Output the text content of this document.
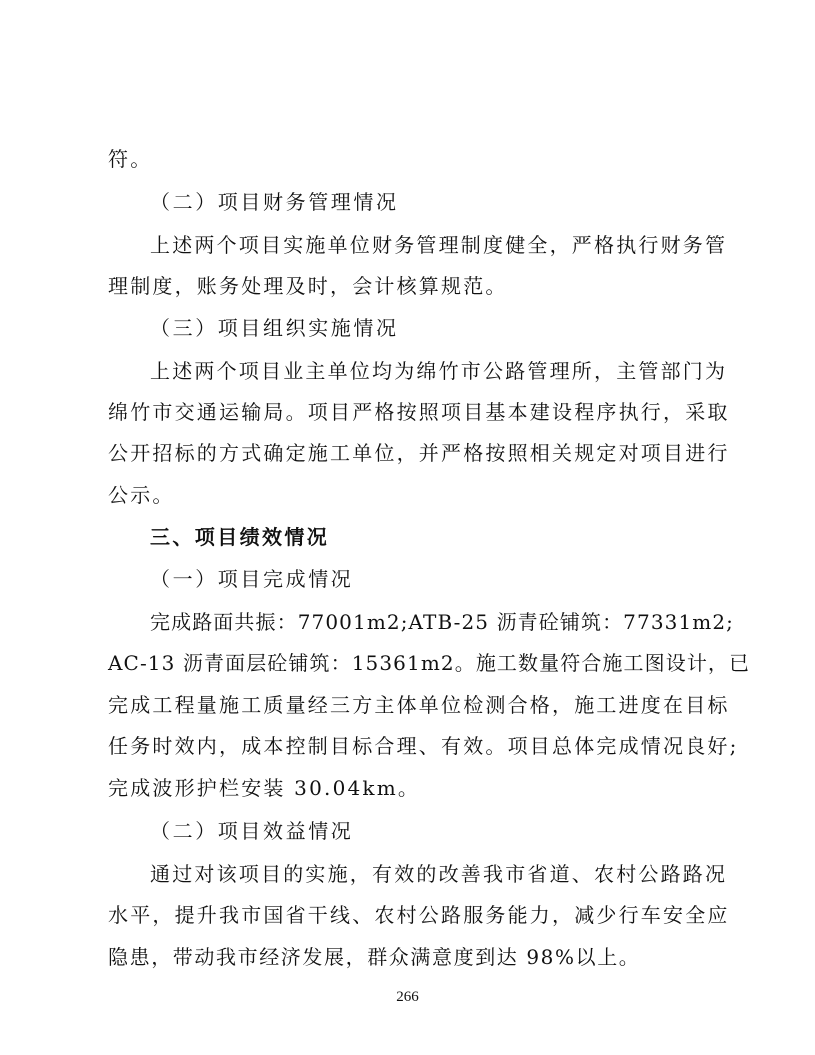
符。
（二）项目财务管理情况
上述两个项目实施单位财务管理制度健全，严格执行财务管
理制度，账务处理及时，会计核算规范。
（三）项目组织实施情况
上述两个项目业主单位均为绵竹市公路管理所，主管部门为
绵竹市交通运输局。项目严格按照项目基本建设程序执行，采取
公开招标的方式确定施工单位，并严格按照相关规定对项目进行
公示。
三、项目绩效情况
（一）项目完成情况
完成路面共振：77001m2;ATB-25 沥青砼铺筑：77331m2;
AC-13 沥青面层砼铺筑：15361m2。施工数量符合施工图设计，已
完成工程量施工质量经三方主体单位检测合格，施工进度在目标
任务时效内，成本控制目标合理、有效。项目总体完成情况良好;
完成波形护栏安装 30.04km。
（二）项目效益情况
通过对该项目的实施，有效的改善我市省道、农村公路路况
水平，提升我市国省干线、农村公路服务能力，减少行车安全应
隐患，带动我市经济发展，群众满意度到达 98%以上。
266
